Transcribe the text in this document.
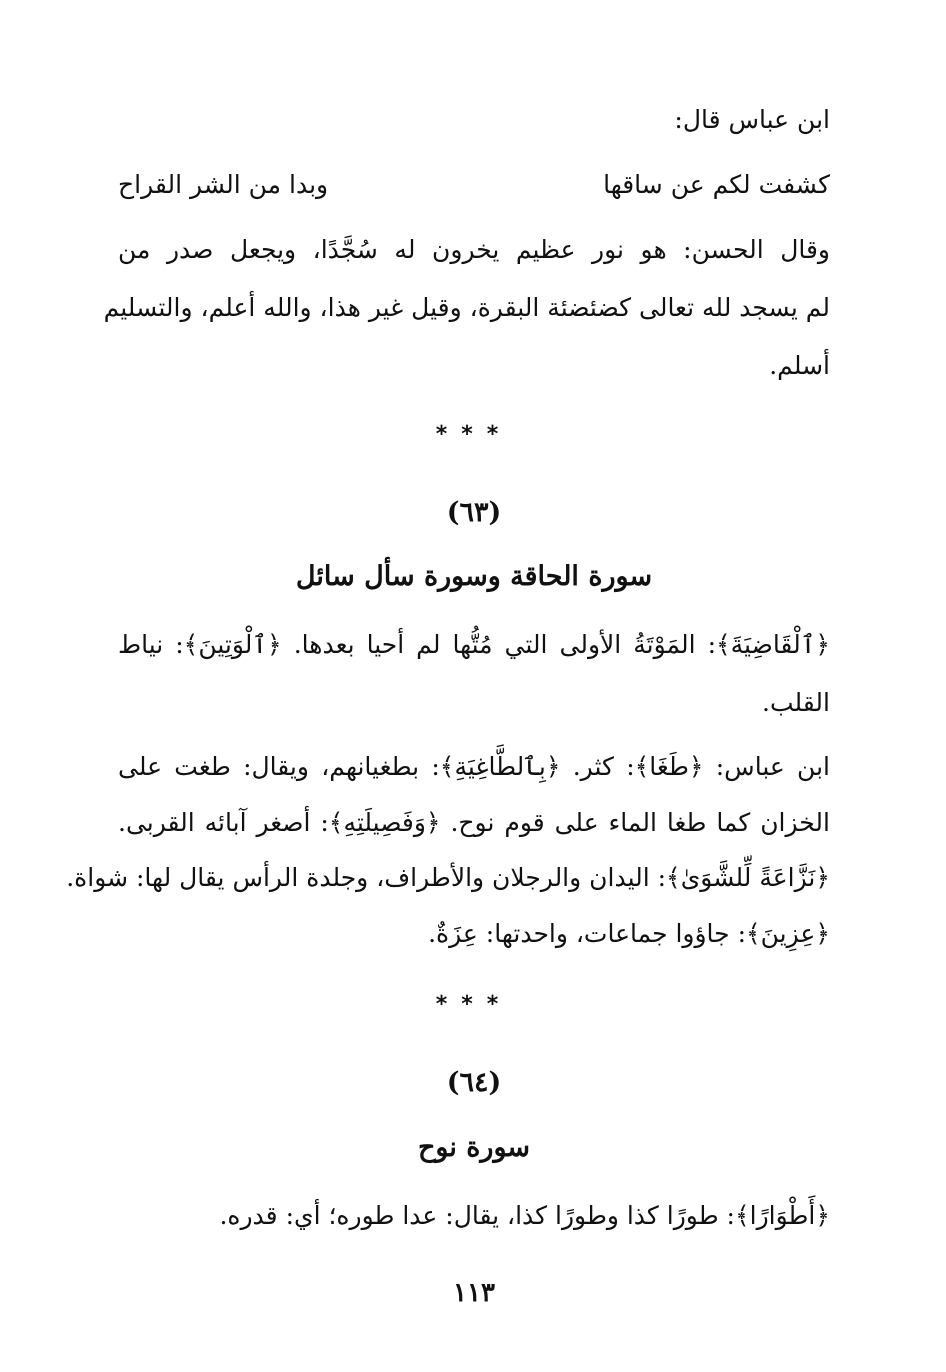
ابن عباس قال:
كشفت لكم عن ساقها
وبدا من الشر القراح
وقال الحسن: هو نور عظيم يخرون له سُجَّدًا، ويجعل صدر من
لم يسجد لله تعالى كضئضئة البقرة، وقيل غير هذا، والله أعلم، والتسليم
أسلم.
***
(٦٣)
سورة الحاقة وسورة سأل سائل
﴿ٱلْقَاضِيَةَ﴾: المَوْتَةُ الأولى التي مُتُّها لم أحيا بعدها. ﴿ٱلْوَتِينَ﴾: نياط
القلب.
ابن عباس: ﴿طَغَا﴾: كثر. ﴿بِٱلطَّاغِيَةِ﴾: بطغيانهم، ويقال: طغت على
الخزان كما طغا الماء على قوم نوح. ﴿وَفَصِيلَتِهِ﴾: أصغر آبائه القربى.
﴿نَزَّاعَةً لِّلشَّوَىٰ﴾: اليدان والرجلان والأطراف، وجلدة الرأس يقال لها: شواة.
﴿عِزِينَ﴾: جاؤوا جماعات، واحدتها: عِزَةٌ.
***
(٦٤)
سورة نوح
﴿أَطْوَارًا﴾: طورًا كذا وطورًا كذا، يقال: عدا طوره؛ أي: قدره.
١١٣
